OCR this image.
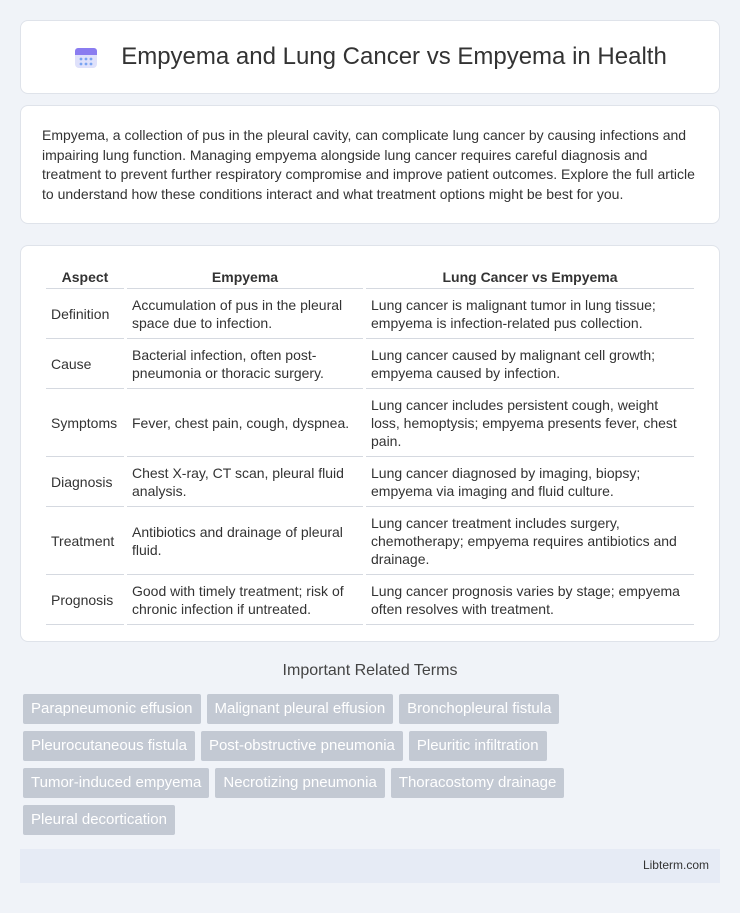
Empyema and Lung Cancer vs Empyema in Health

Empyema, a collection of pus in the pleural cavity, can complicate lung cancer by causing infections and impairing lung function. Managing empyema alongside lung cancer requires careful diagnosis and treatment to prevent further respiratory compromise and improve patient outcomes. Explore the full article to understand how these conditions interact and what treatment options might be best for you.

Aspect	Empyema	Lung Cancer vs Empyema
Definition	Accumulation of pus in the pleural space due to infection.	Lung cancer is malignant tumor in lung tissue; empyema is infection-related pus collection.
Cause	Bacterial infection, often post-pneumonia or thoracic surgery.	Lung cancer caused by malignant cell growth; empyema caused by infection.
Symptoms	Fever, chest pain, cough, dyspnea.	Lung cancer includes persistent cough, weight loss, hemoptysis; empyema presents fever, chest pain.
Diagnosis	Chest X-ray, CT scan, pleural fluid analysis.	Lung cancer diagnosed by imaging, biopsy; empyema via imaging and fluid culture.
Treatment	Antibiotics and drainage of pleural fluid.	Lung cancer treatment includes surgery, chemotherapy; empyema requires antibiotics and drainage.
Prognosis	Good with timely treatment; risk of chronic infection if untreated.	Lung cancer prognosis varies by stage; empyema often resolves with treatment.
Important Related Terms
Parapneumonic effusion	Malignant pleural effusion	Bronchopleural fistula
Pleurocutaneous fistula	Post-obstructive pneumonia	Pleuritic infiltration
Tumor-induced empyema	Necrotizing pneumonia	Thoracostomy drainage
Pleural decortication
Libterm.com
